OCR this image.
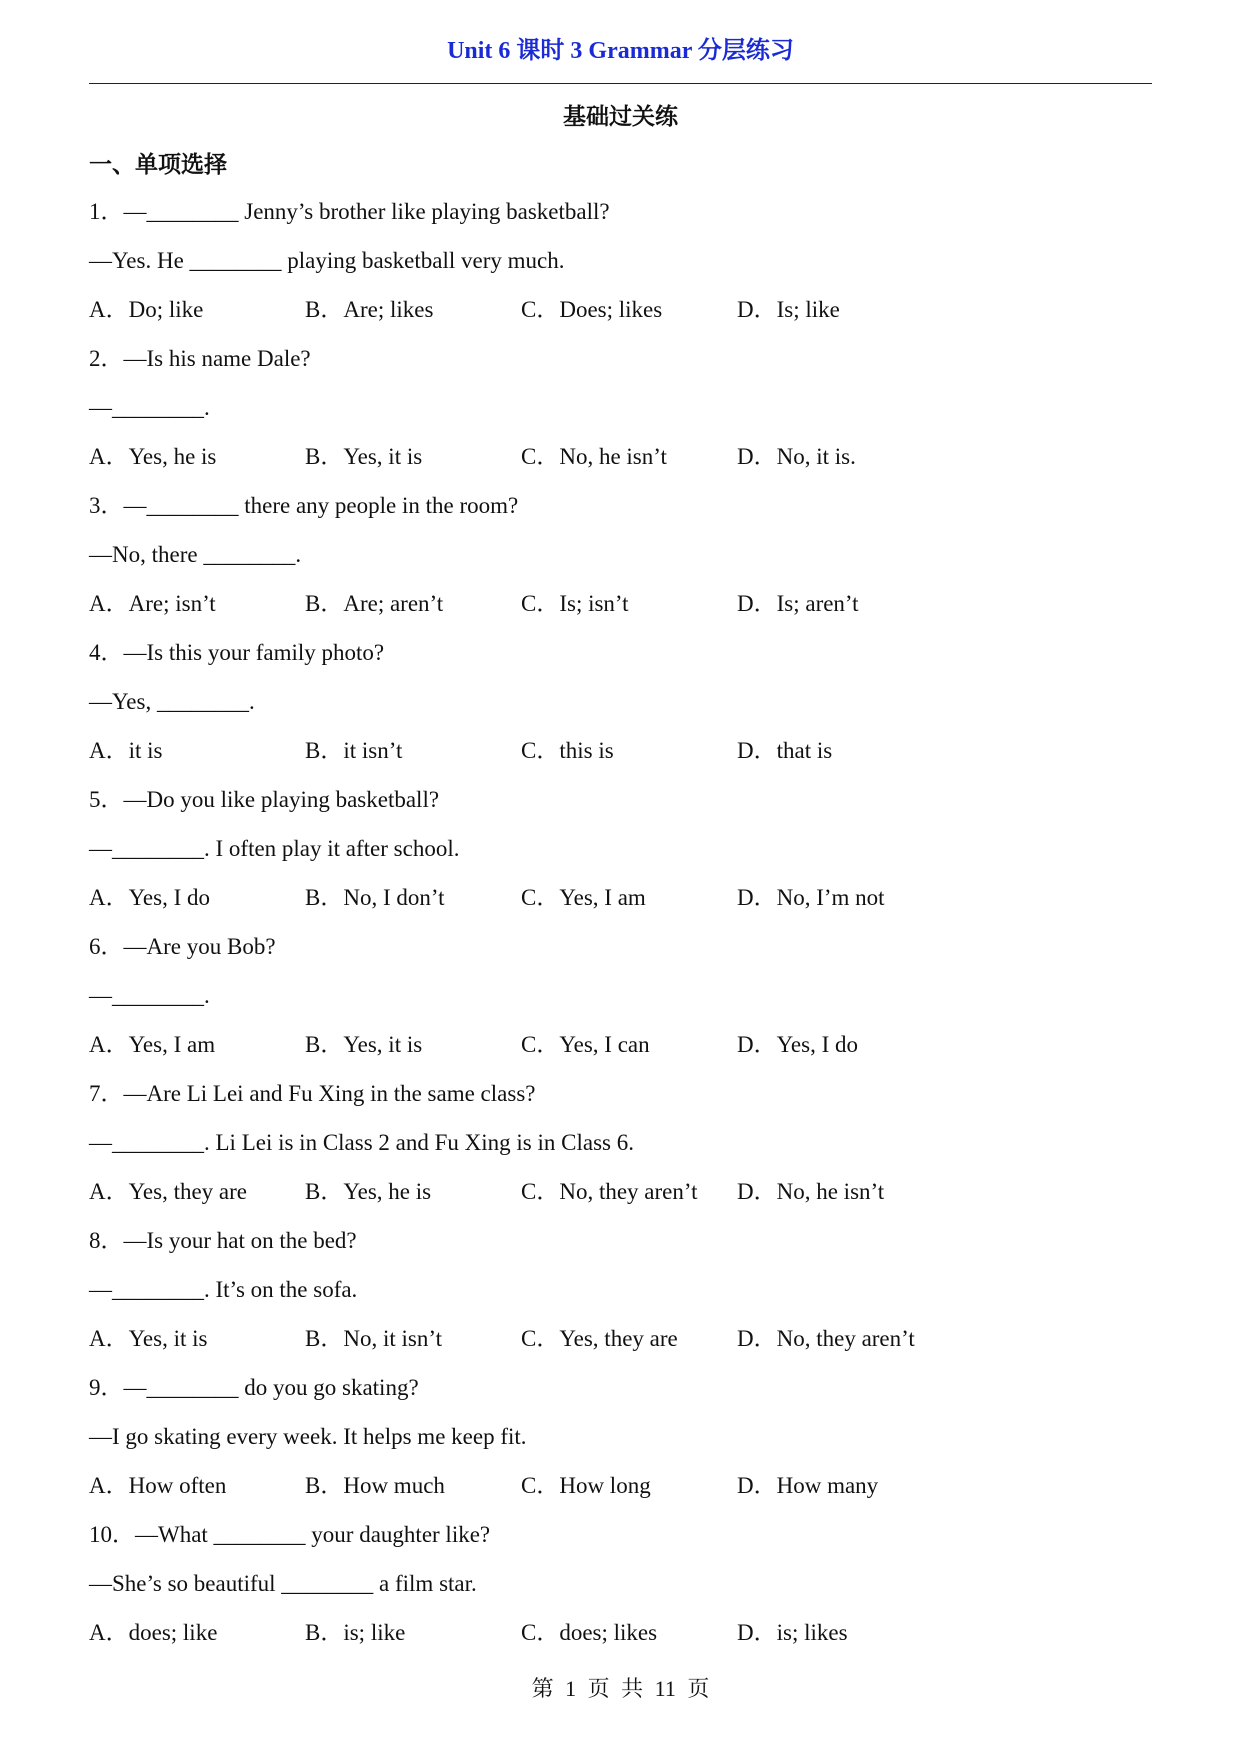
Unit 6 课时 3 Grammar 分层练习
基础过关练
一、单项选择
1．—________ Jenny’s brother like playing basketball?
—Yes. He ________ playing basketball very much.
A．Do; like	B．Are; likes	C．Does; likes	D．Is; like
2．—Is his name Dale?
—________.
A．Yes, he is	B．Yes, it is	C．No, he isn’t	D．No, it is.
3．—________ there any people in the room?
—No, there ________.
A．Are; isn’t	B．Are; aren’t	C．Is; isn’t	D．Is; aren’t
4．—Is this your family photo?
—Yes, ________.
A．it is	B．it isn’t	C．this is	D．that is
5．—Do you like playing basketball?
—________. I often play it after school.
A．Yes, I do	B．No, I don’t	C．Yes, I am	D．No, I’m not
6．—Are you Bob?
—________.
A．Yes, I am	B．Yes, it is	C．Yes, I can	D．Yes, I do
7．—Are Li Lei and Fu Xing in the same class?
—________. Li Lei is in Class 2 and Fu Xing is in Class 6.
A．Yes, they are	B．Yes, he is	C．No, they aren’t D．No, he isn’t
8．—Is your hat on the bed?
—________. It’s on the sofa.
A．Yes, it is	B．No, it isn’t	C．Yes, they are	D．No, they aren’t
9．—________ do you go skating?
—I go skating every week. It helps me keep fit.
A．How often	B．How much	C．How long	D．How many
10．—What ________ your daughter like?
—She’s so beautiful ________ a film star.
A．does; like	B．is; like	C．does; likes	D．is; likes
第 1 页 共 11 页
